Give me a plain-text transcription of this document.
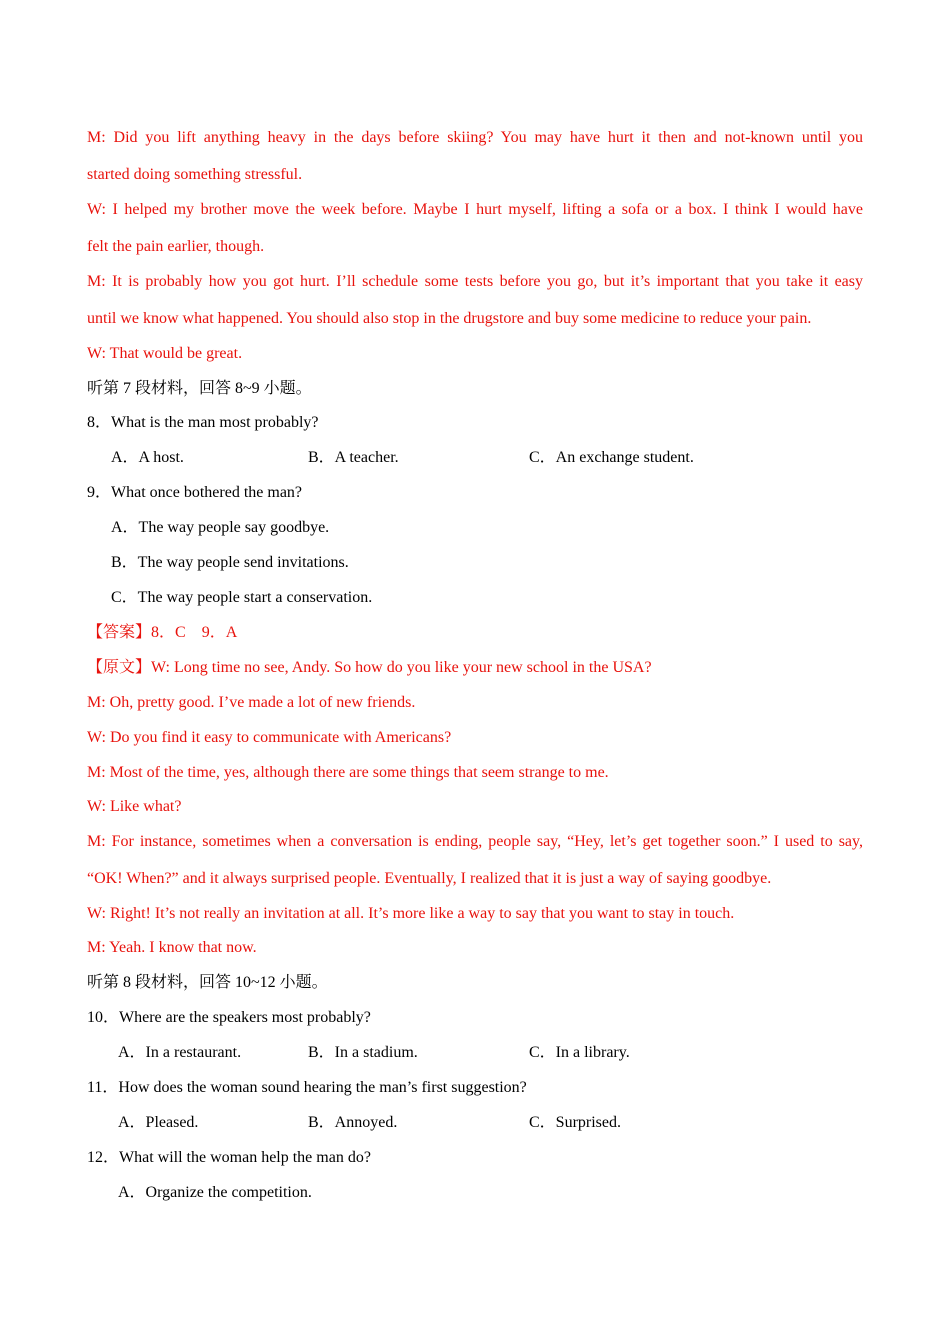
M: Did you lift anything heavy in the days before skiing? You may have hurt it then and not-known until you
started doing something stressful.
W: I helped my brother move the week before. Maybe I hurt myself, lifting a sofa or a box. I think I would have
felt the pain earlier, though.
M: It is probably how you got hurt. I’ll schedule some tests before you go, but it’s important that you take it easy
until we know what happened. You should also stop in the drugstore and buy some medicine to reduce your pain.
W: That would be great.
听第 7 段材料，回答 8~9 小题。
8．What is the man most probably?
A．A host.	B．A teacher.	C．An exchange student.
9．What once bothered the man?
A．The way people say goodbye.
B．The way people send invitations.
C．The way people start a conservation.
【答案】8．C　9．A
【原文】W: Long time no see, Andy. So how do you like your new school in the USA?
M: Oh, pretty good. I’ve made a lot of new friends.
W: Do you find it easy to communicate with Americans?
M: Most of the time, yes, although there are some things that seem strange to me.
W: Like what?
M: For instance, sometimes when a conversation is ending, people say, “Hey, let’s get together soon.” I used to say,
“OK! When?” and it always surprised people. Eventually, I realized that it is just a way of saying goodbye.
W: Right! It’s not really an invitation at all. It’s more like a way to say that you want to stay in touch.
M: Yeah. I know that now.
听第 8 段材料，回答 10~12 小题。
10．Where are the speakers most probably?
A．In a restaurant.	B．In a stadium.	C．In a library.
11．How does the woman sound hearing the man’s first suggestion?
A．Pleased.	B．Annoyed.	C．Surprised.
12．What will the woman help the man do?
A．Organize the competition.
